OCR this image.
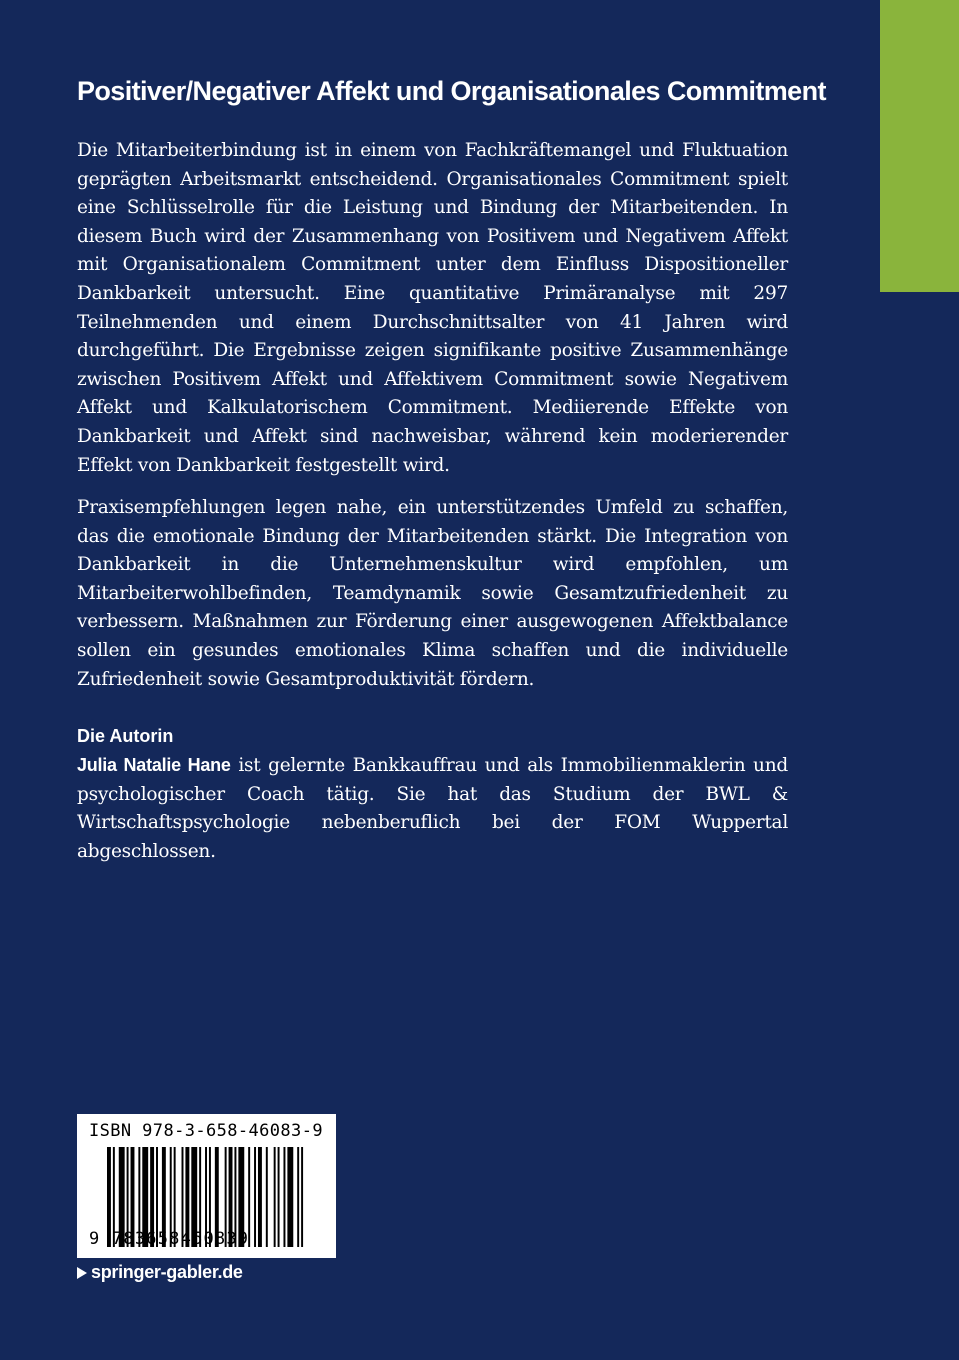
Positiver/Negativer Affekt und Organisationales Commitment

Die Mitarbeiterbindung ist in einem von Fachkräftemangel und Fluktuation geprägten Arbeitsmarkt entscheidend. Organisationales Commitment spielt eine Schlüsselrolle für die Leistung und Bindung der Mitarbeitenden. In diesem Buch wird der Zusammenhang von Positivem und Negativem Affekt mit Organisationalem Commitment unter dem Einfluss Dispositioneller Dankbarkeit untersucht. Eine quantitative Primäranalyse mit 297 Teilnehmenden und einem Durchschnittsalter von 41 Jahren wird durchgeführt. Die Ergebnisse zeigen signifikante positive Zusammenhänge zwischen Positivem Affekt und Affektivem Commitment sowie Negativem Affekt und Kalkulatorischem Commitment. Mediierende Effekte von Dankbarkeit und Affekt sind nachweisbar, während kein moderierender Effekt von Dankbarkeit festgestellt wird.

Praxisempfehlungen legen nahe, ein unterstützendes Umfeld zu schaffen, das die emotionale Bindung der Mitarbeitenden stärkt. Die Integration von Dankbarkeit in die Unternehmenskultur wird empfohlen, um Mitarbeiterwohlbefinden, Teamdynamik sowie Gesamtzufriedenheit zu verbessern. Maßnahmen zur Förderung einer ausgewogenen Affektbalance sollen ein gesundes emotionales Klima schaffen und die individuelle Zufriedenheit sowie Gesamtproduktivität fördern.

Die Autorin

Julia Natalie Hane ist gelernte Bankkauffrau und als Immobilienmaklerin und psychologischer Coach tätig. Sie hat das Studium der BWL & Wirtschaftspsychologie nebenberuflich bei der FOM Wuppertal abgeschlossen.

ISBN 978-3-658-46083-9
9 783658460839
springer-gabler.de
